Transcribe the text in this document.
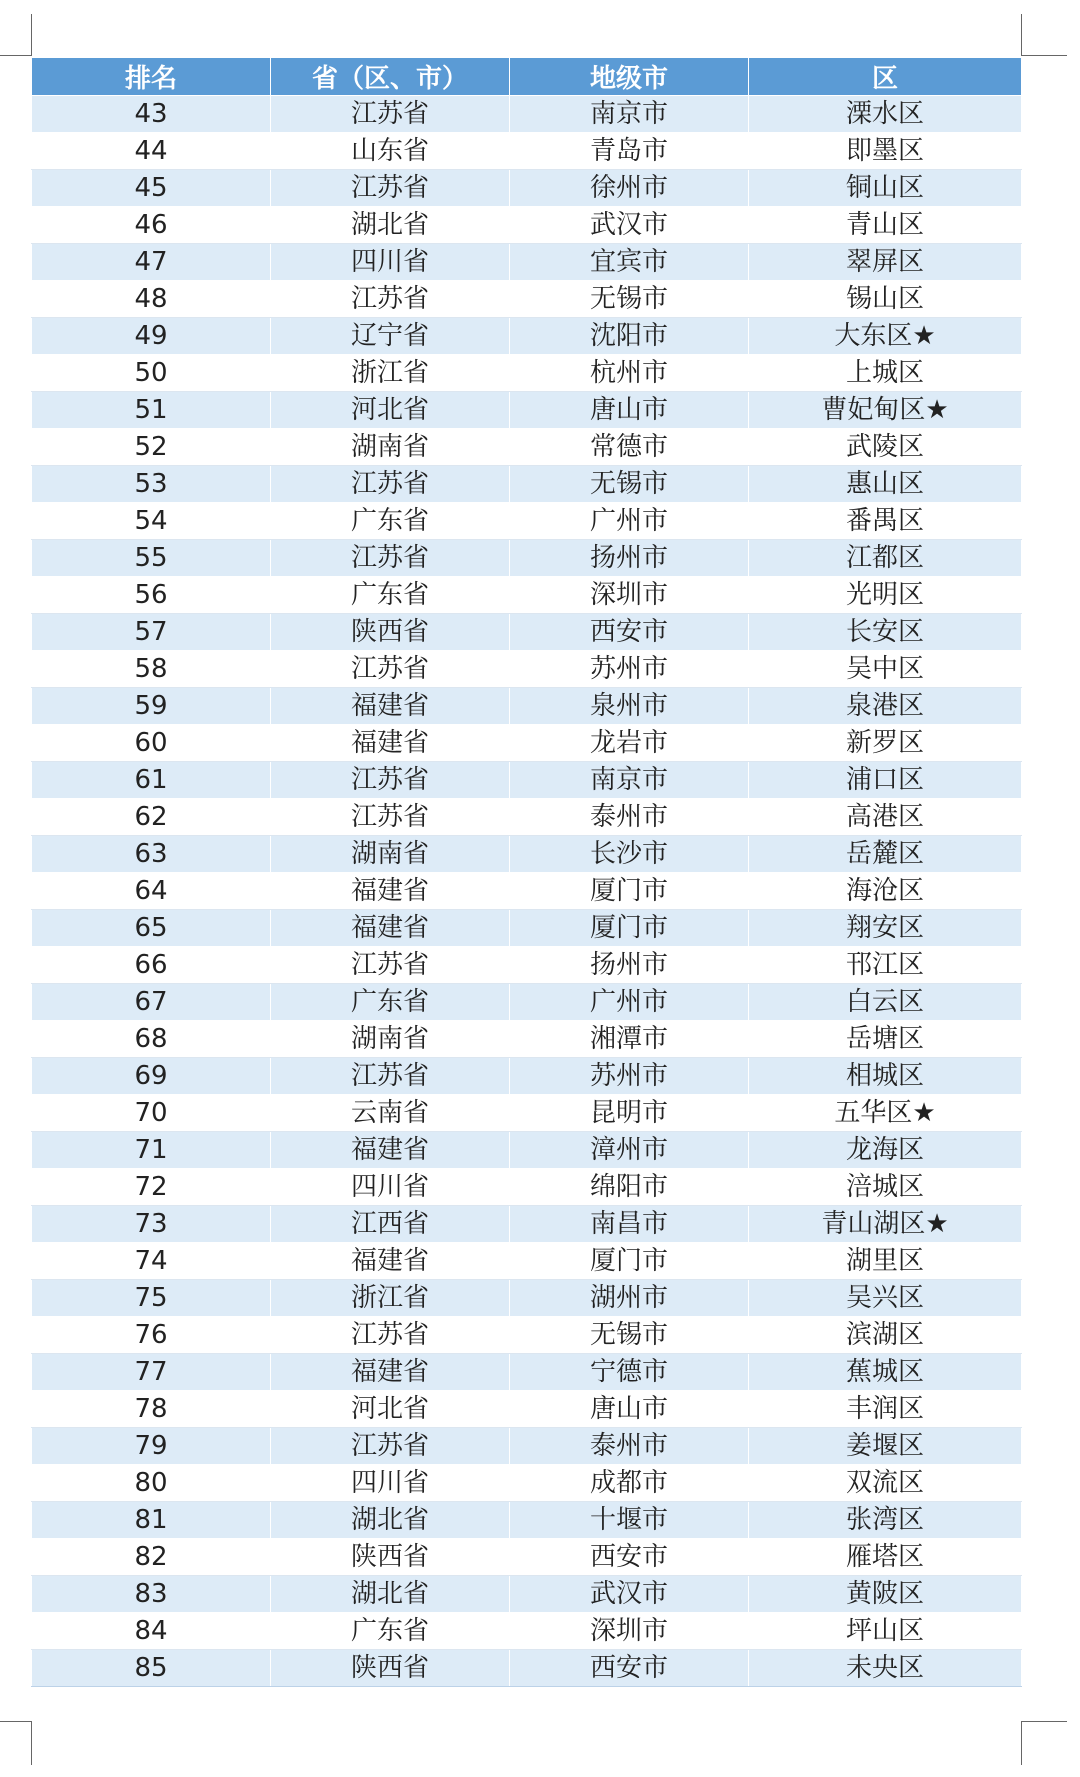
排名	省（区、市）	地级市	区
43	江苏省	南京市	溧水区
44	山东省	青岛市	即墨区
45	江苏省	徐州市	铜山区
46	湖北省	武汉市	青山区
47	四川省	宜宾市	翠屏区
48	江苏省	无锡市	锡山区
49	辽宁省	沈阳市	大东区★
50	浙江省	杭州市	上城区
51	河北省	唐山市	曹妃甸区★
52	湖南省	常德市	武陵区
53	江苏省	无锡市	惠山区
54	广东省	广州市	番禺区
55	江苏省	扬州市	江都区
56	广东省	深圳市	光明区
57	陕西省	西安市	长安区
58	江苏省	苏州市	吴中区
59	福建省	泉州市	泉港区
60	福建省	龙岩市	新罗区
61	江苏省	南京市	浦口区
62	江苏省	泰州市	高港区
63	湖南省	长沙市	岳麓区
64	福建省	厦门市	海沧区
65	福建省	厦门市	翔安区
66	江苏省	扬州市	邗江区
67	广东省	广州市	白云区
68	湖南省	湘潭市	岳塘区
69	江苏省	苏州市	相城区
70	云南省	昆明市	五华区★
71	福建省	漳州市	龙海区
72	四川省	绵阳市	涪城区
73	江西省	南昌市	青山湖区★
74	福建省	厦门市	湖里区
75	浙江省	湖州市	吴兴区
76	江苏省	无锡市	滨湖区
77	福建省	宁德市	蕉城区
78	河北省	唐山市	丰润区
79	江苏省	泰州市	姜堰区
80	四川省	成都市	双流区
81	湖北省	十堰市	张湾区
82	陕西省	西安市	雁塔区
83	湖北省	武汉市	黄陂区
84	广东省	深圳市	坪山区
85	陕西省	西安市	未央区
